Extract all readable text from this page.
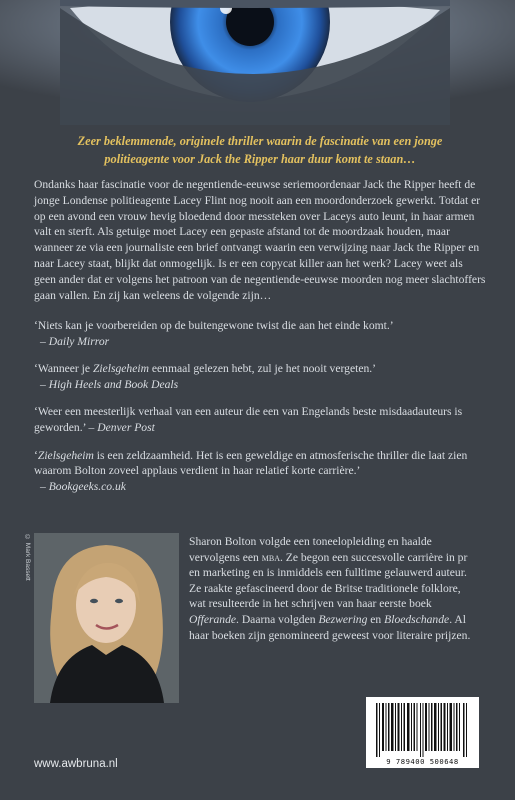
Zeer beklemmende, originele thriller waarin de fascinatie van een jonge politieagente voor Jack the Ripper haar duur komt te staan…

Ondanks haar fascinatie voor de negentiende-eeuwse seriemoordenaar Jack the Ripper heeft de jonge Londense politieagente Lacey Flint nog nooit aan een moordonderzoek gewerkt. Totdat er op een avond een vrouw hevig bloedend door messteken over Laceys auto leunt, in haar armen valt en sterft. Als getuige moet Lacey een gepaste afstand tot de moordzaak houden, maar wanneer ze via een journaliste een brief ontvangt waarin een verwijzing naar Jack the Ripper en naar Lacey staat, blijkt dat onmogelijk. Is er een copycat killer aan het werk? Lacey weet als geen ander dat er volgens het patroon van de negentiende-eeuwse moorden nog meer slachtoffers gaan vallen. En zij kan weleens de volgende zijn…

‘Niets kan je voorbereiden op de buitengewone twist die aan het einde komt.’
– Daily Mirror

‘Wanneer je Zielsgeheim eenmaal gelezen hebt, zul je het nooit vergeten.’
– High Heels and Book Deals

‘Weer een meesterlijk verhaal van een auteur die een van Engelands beste misdaadauteurs is geworden.’ – Denver Post

‘Zielsgeheim is een zeldzaamheid. Het is een geweldige en atmosferische thriller die laat zien waarom Bolton zoveel applaus verdient in haar relatief korte carrière.’
– Bookgeeks.co.uk

© Mark Bassett	Sharon Bolton volgde een toneelopleiding en haalde vervolgens een mba. Ze begon een succesvolle carrière in pr en marketing en is inmiddels een fulltime gelauwerd auteur. Ze raakte gefascineerd door de Britse traditionele folklore, wat resulteerde in het schrijven van haar eerste boek Offerande. Daarna volgden Bezwering en Bloedschande. Al haar boeken zijn genomineerd geweest voor literaire prijzen.

9 789400 500648
www.awbruna.nl
